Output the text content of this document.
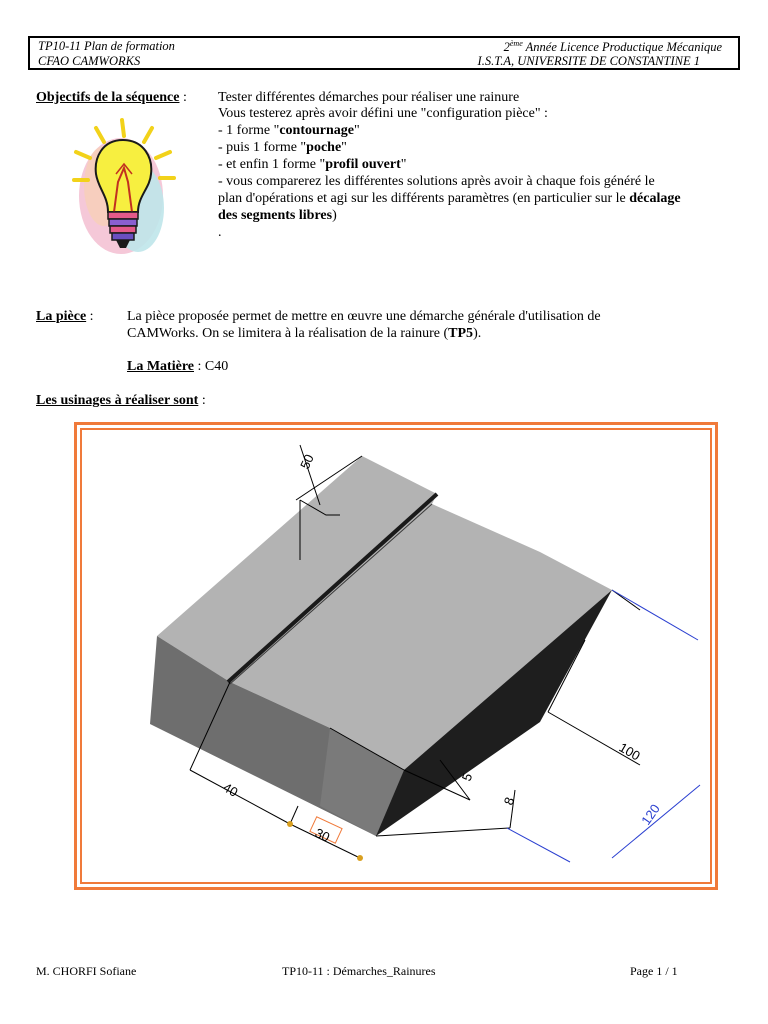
TP10-11 Plan de formation
CFAO CAMWORKS
2ème Année Licence Productique Mécanique
I.S.T.A, UNIVERSITE DE CONSTANTINE 1
Objectifs de la séquence : Tester différentes démarches pour réaliser une rainure
Vous testerez après avoir défini une "configuration pièce" :
- 1 forme "contournage"
- puis 1 forme "poche"
- et enfin 1 forme "profil ouvert"
- vous comparerez les différentes solutions après avoir à chaque fois généré le
plan d'opérations et agi sur les différents paramètres (en particulier sur le décalage
des segments libres)
.
La pièce : La pièce proposée permet de mettre en œuvre une démarche générale d'utilisation de
CAMWorks. On se limitera à la réalisation de la rainure (TP5).
La Matière : C40
Les usinages à réaliser sont :
50
100
40
30
5
8
120
M. CHORFI Sofiane	TP10-11 : Démarches_Rainures	Page 1 / 1
